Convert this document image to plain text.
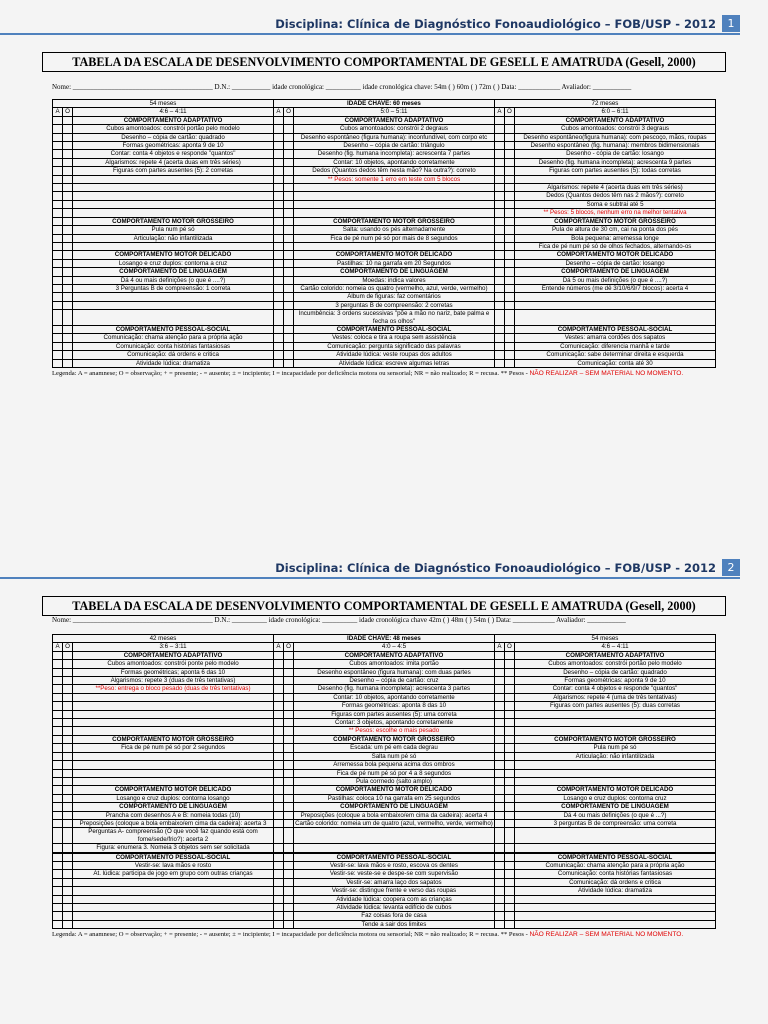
Disciplina: Clínica de Diagnóstico Fonoaudiológico – FOB/USP - 2012	1
TABELA DA ESCALA DE DESENVOLVIMENTO COMPORTAMENTAL DE GESELL E AMATRUDA (Gesell, 2000)
Nome: ________________________________________ D.N.: ___________ idade cronológica: __________ idade cronológica chave: 54m ( ) 60m ( ) 72m ( ) Data: ____________ Avaliador: ___________
54 meses			IDADE CHAVE: 60 meses			72 meses		
A	O	4:6 – 4:11	A	O	5:0 – 5:11	A	O	6:0 – 6:11
		COMPORTAMENTO ADAPTATIVO			COMPORTAMENTO ADAPTATIVO			COMPORTAMENTO ADAPTATIVO
		Cubos amontoados: constrói portão pelo modelo			Cubos amontoados: constrói 2 degraus			Cubos amontoados: constrói 3 degraus
		Desenho – cópia de cartão: quadrado			Desenho espontâneo (figura humana): inconfundível, com corpo etc			Desenho espontâneo(figura humana): com pescoço, mãos, roupas
		Formas geométricas: aponta 9 de 10			Desenho – cópia de cartão: triângulo			Desenho espontâneo (fig. humana): membros bidimensionais
		Contar: conta 4 objetos e responde "quantos"			Desenho (fig. humana incompleta): acrescenta 7 partes			Desenho - cópia de cartão: losango
		Algarismos: repete 4 (acerta duas em três séries)			Contar: 10 objetos, apontando corretamente			Desenho (fig. humana incompleta): acrescenta 9 partes
		Figuras com partes ausentes (5): 2 corretas			Dedos (Quantos dedos têm nesta mão? Na outra?): correto			Figuras com partes ausentes (5): todas corretas
					** Pesos: somente 1 erro em teste com 5 blocos			
								Algarismos: repete 4 (acerta duas em três séries)
								Dedos (Quantos dedos têm nas 2 mãos?): correto
								Soma e subtrai até 5
								** Pesos: 5 blocos, nenhum erro na melhor tentativa
		COMPORTAMENTO MOTOR GROSSEIRO			COMPORTAMENTO MOTOR GROSSEIRO			COMPORTAMENTO MOTOR GROSSEIRO
		Pula num pé só			Salta: usando os pés alternadamente			Pula de altura de 30 cm, cai na ponta dos pés
		Articulação: não infantilizada			Fica de pé num pé só por mais de 8 segundos			Bola pequena: arremessa longe
								Fica de pé num pé só de olhos fechados, alternando-os
		COMPORTAMENTO MOTOR DELICADO			COMPORTAMENTO MOTOR DELICADO			COMPORTAMENTO MOTOR DELICADO
		Losango e cruz duplos: contorna a cruz			Pastilhas: 10 na garrafa em 20 Segundos			Desenho – cópia de cartão: losango
		COMPORTAMENTO DE LINGUAGEM			COMPORTAMENTO DE LINGUAGEM			COMPORTAMENTO DE LINGUAGEM
		Dá 4 ou mais definições (o que é ....?)			Moedas: indica valores			Dá 5 ou mais definições (o que é ....?)
		3 Perguntas B de compreensão: 1 correta			Cartão colorido: nomeia os quatro (vermelho, azul, verde, vermelho)			Entende números (me dê 3/10/6/9/7 blocos): acerta 4
					Álbum de figuras: faz comentários			
					3 perguntas B de compreensão: 2 corretas			
					Incumbência: 3 ordens sucessivas "põe a mão no nariz, bate palma e fecha os olhos"			
		COMPORTAMENTO PESSOAL-SOCIAL			COMPORTAMENTO PESSOAL-SOCIAL			COMPORTAMENTO PESSOAL-SOCIAL
		Comunicação: chama atenção para a própria ação			Vestes: coloca e tira a roupa sem assistência			Vestes: amarra cordões dos sapatos
		Comunicação: conta histórias fantasiosas			Comunicação: pergunta significado das palavras			Comunicação: diferencia manhã e tarde
		Comunicação: dá ordens e critica			Atividade lúdica: veste roupas dos adultos			Comunicação: sabe determinar direita e esquerda
		Atividade lúdica: dramatiza			Atividade lúdica: escreve algumas letras			Comunicação: conta até 30
Legenda: A = anamnese; O = observação; + = presente; - = ausente; ± = incipiente; I = incapacidade por deficiência motora ou sensorial; NR = não realizado; R = recusa. ** Pesos - NÃO REALIZAR – SEM MATERIAL NO MOMENTO.
Disciplina: Clínica de Diagnóstico Fonoaudiológico – FOB/USP - 2012	2
TABELA DA ESCALA DE DESENVOLVIMENTO COMPORTAMENTAL DE GESELL E AMATRUDA (Gesell, 2000)
Nome: ________________________________________ D.N.: __________ idade cronológica: __________ idade cronológica chave 42m ( ) 48m ( ) 54m ( ) Data: ____________ Avaliador: ___________
42 meses			IDADE CHAVE: 48 meses			54 meses		
A	O	3:6 – 3:11	A	O	4:0 – 4:5	A	O	4:6 – 4:11
		COMPORTAMENTO ADAPTATIVO			COMPORTAMENTO ADAPTATIVO			COMPORTAMENTO ADAPTATIVO
		Cubos amontoados: constrói ponte pelo modelo			Cubos amontoados: imita portão			Cubos amontoados: constrói portão pelo modelo
		Formas geométricas; aponta 6 das 10			Desenho espontâneo (figura humana): com duas partes			Desenho – cópia de cartão: quadrado
		Algarismos: repete 3 (duas de três tentativas)			Desenho – cópia de cartão: cruz			Formas geométricas: aponta 9 de 10
		**Peso: entrega o bloco pesado (duas de três tentativas)			Desenho (fig. humana incompleta): acrescenta 3 partes			Contar: conta 4 objetos e responde "quantos"
					Contar: 10 objetos, apontando corretamente			Algarismos: repete 4 (uma de três tentativas)
					Formas geométricas: aponta 8 das 10			Figuras com partes ausentes (5): duas corretas
					Figuras com partes ausentes (5): uma correta			
					Contar: 3 objetos, apontando corretamente			
					** Pesos: escolhe o mais pesado			
		COMPORTAMENTO MOTOR GROSSEIRO			COMPORTAMENTO MOTOR GROSSEIRO			COMPORTAMENTO MOTOR GROSSEIRO
		Fica de pé num pé só por 2 segundos			Escada: um pé em cada degrau			Pula num pé só
					Salta num pé só			Articulação: não infantilizada
					Arremessa bola pequena acima dos ombros			
					Fica de pé num pé só por 4 a 8 segundos			
					Pula corrnedo (salto amplo)			
		COMPORTAMENTO MOTOR DELICADO			COMPORTAMENTO MOTOR DELICADO			COMPORTAMENTO MOTOR DELICADO
		Losango e cruz duplos: contorna losango			Pastilhas: coloca 10 na garrafa em 25 segundos			Losango e cruz duplos: contorna cruz
		COMPORTAMENTO DE LINGUAGEM			COMPORTAMENTO DE LINGUAGEM			COMPORTAMENTO DE LINGUAGEM
		Prancha com desenhos A e B: nomeia todas (10)			Preposições (coloque a bola embaixo/em cima da cadeira): acerta 4			Dá 4 ou mais definições (o que é ...?)
		Preposições (coloque a bola embaixo/em cima da cadeira): acerta 3			Cartão colorido: nomeia um de quatro (azul, vermelho, verde, vermelho)			3 perguntas B de compreensão: uma correta
		Perguntas A- compreensão (O que você faz quando está com fome/sede/frio?): acerta 2						
		Figura: enumera 3. Nomeia 3 objetos sem ser solicitada						

		COMPORTAMENTO PESSOAL-SOCIAL			COMPORTAMENTO PESSOAL-SOCIAL			COMPORTAMENTO PESSOAL-SOCIAL
		Vestir-se: lava mãos e rosto			Vestir-se: lava mãos e rosto, escova os dentes			Comunicação: chama atenção para a própria ação
		At. lúdica: participa de jogo em grupo com outras crianças			Vestir-se: veste-se e despe-se com supervisão			Comunicação: conta histórias fantasiosas
					Vestir-se: amarra laço dos sapatos			Comunicação: dá ordens e critica
					Vestir-se: distingue frente e verso das roupas			Atividade lúdica: dramatiza
					Atividade lúdica: coopera com as crianças			
					Atividade lúdica: levanta edifício de cubos			
					Faz coisas fora de casa			
					Tende a sair dos limites			
Legenda: A = anamnese; O = observação; + = presente; - = ausente; ± = incipiente; I = incapacidade por deficiência motora ou sensorial; NR = não realizado; R = recusa. ** Pesos - NÃO REALIZAR – SEM MATERIAL NO MOMENTO.
